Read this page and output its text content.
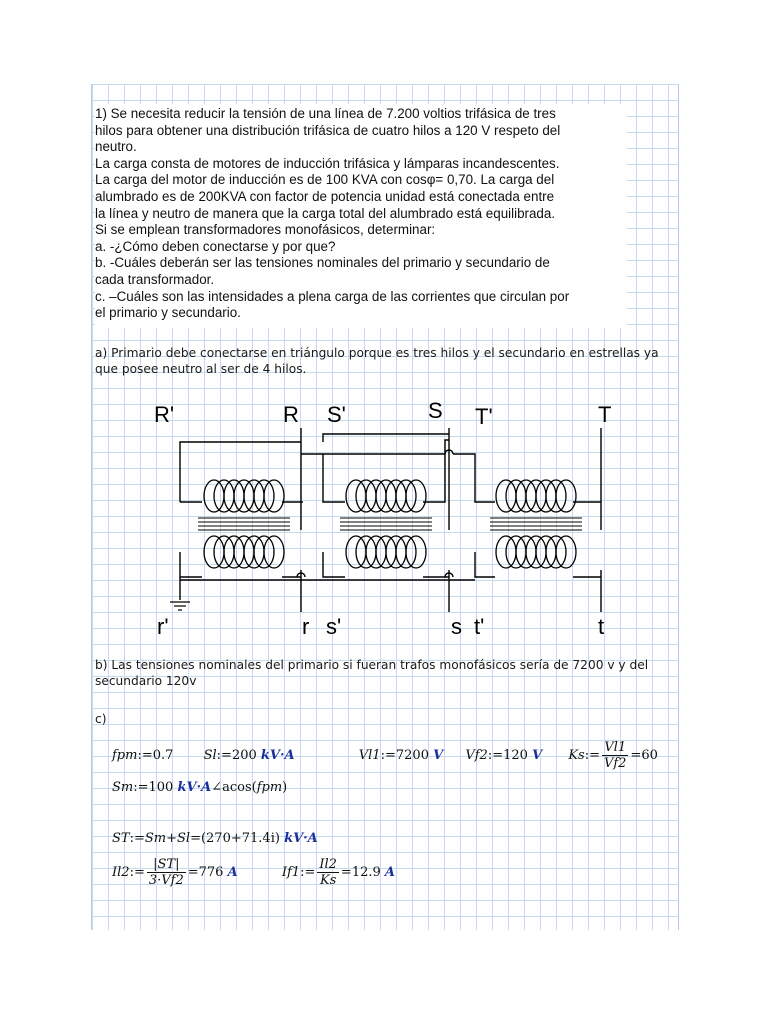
1) Se necesita reducir la tensión de una línea de 7.200 voltios trifásica de tres

hilos para obtener una distribución trifásica de cuatro hilos a 120 V respeto del

neutro.

La carga consta de motores de inducción trifásica y lámparas incandescentes.

La carga del motor de inducción es de 100 KVA con cosφ= 0,70. La carga del

alumbrado es de 200KVA con factor de potencia unidad está conectada entre

la línea y neutro de manera que la carga total del alumbrado está equilibrada.

Si se emplean transformadores monofásicos, determinar:

a. -¿Cómo deben conectarse y por que?

b. -Cuáles deberán ser las tensiones nominales del primario y secundario de

cada transformador.

c. –Cuáles son las intensidades a plena carga de las corrientes que circulan por

el primario y secundario.

a) Primario debe conectarse en triángulo porque es tres hilos y el secundario en estrellas ya que posee neutro al ser de 4 hilos.
R'	R S'	S T'	T
r'	r s'	s t'	t
b) Las tensiones nominales del primario si fueran trafos monofásicos sería de 7200 v y del secundario 120v
c)
fpm:=0.7 Sl:=200 kV·A	Vl1:=7200 V Vf2:=120 V Ks:= $\frac{Vl1}{Vf2} =60$
Sm:=100 kV·A∠acos(fpm)
ST:=Sm+Sl=(270+71.4i) kV·A
Il2:= $\frac{|ST|}{3\cdot Vf2} =776$ A	If1:= $\frac{Il2}{Ks} =12.9$ A
